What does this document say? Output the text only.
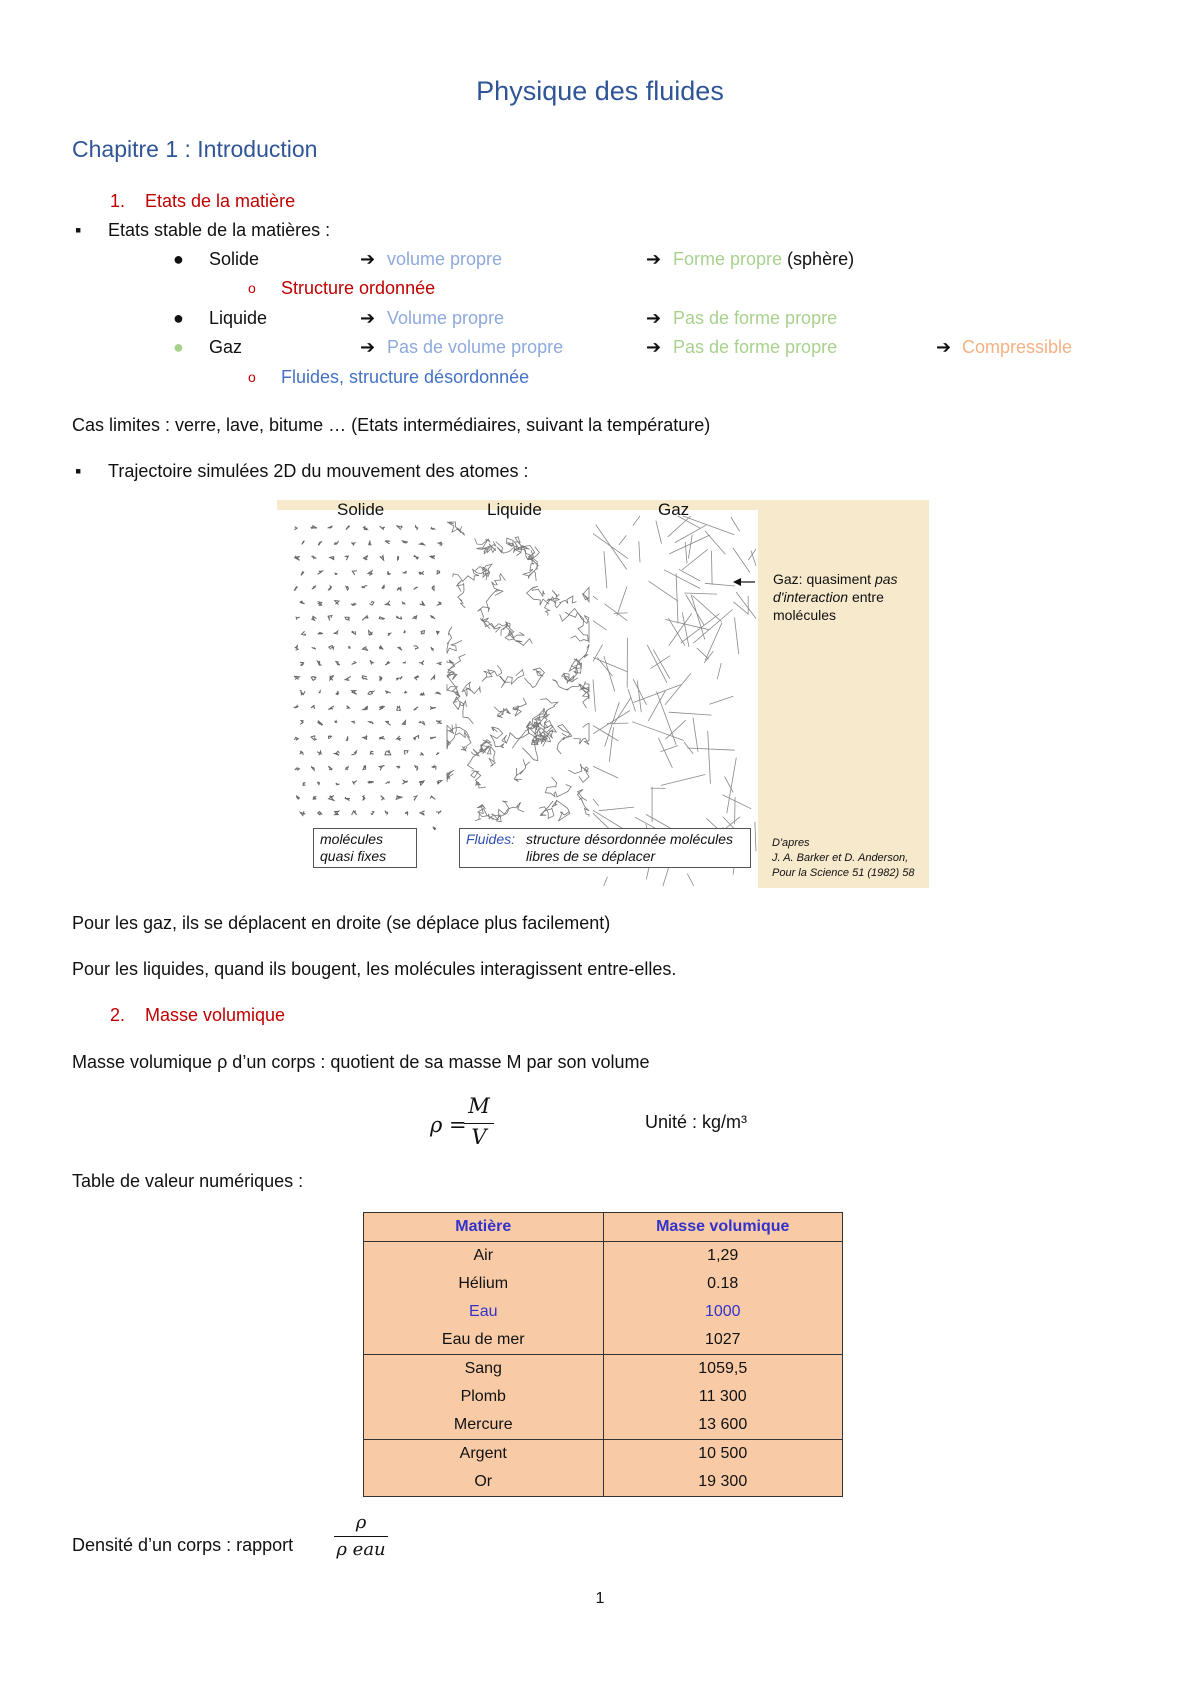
Physique des fluides
Chapitre 1 : Introduction
1. Etats de la matière
▪ Etats stable de la matières :
● Solide	➔ volume propre	➔ Forme propre (sphère)
o Structure ordonnée
● Liquide	➔ Volume propre	➔ Pas de forme propre
● Gaz	➔ Pas de volume propre	➔ Pas de forme propre	➔ Compressible
o Fluides, structure désordonnée
Cas limites : verre, lave, bitume … (Etats intermédiaires, suivant la température)
▪ Trajectoire simulées 2D du mouvement des atomes :
Solide	Liquide	Gaz
Gaz: quasiment pas d'interaction entre molécules
molécules quasi fixes
Fluides: structure désordonnée molécules libres de se déplacer
D'apres
J. A. Barker et D. Anderson,
Pour la Science 51 (1982) 58
Pour les gaz, ils se déplacent en droite (se déplace plus facilement)
Pour les liquides, quand ils bougent, les molécules interagissent entre-elles.
2. Masse volumique
Masse volumique ρ d’un corps : quotient de sa masse M par son volume
ρ =
M
V
Unité : kg/m³
Table de valeur numériques :
Matière	Masse volumique
Air	1,29
Hélium	0.18
Eau	1000
Eau de mer	1027
Sang	1059,5
Plomb	11 300
Mercure	13 600
Argent	10 500
Or	19 300
Densité d’un corps : rapport
ρ
ρ eau
1
